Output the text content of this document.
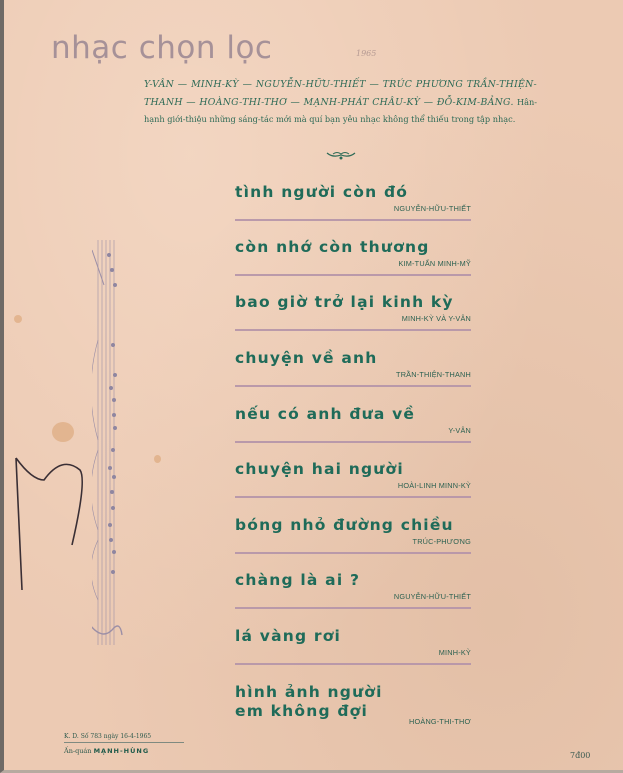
nhạc chọn lọc	1965
Y-VÂN — MINH-KỲ — NGUYỄN-HỮU-THIẾT — TRÚC PHƯƠNG TRẦN-THIỆN-THANH — HOÀNG-THI-THƠ — MẠNH-PHÁT CHÂU-KỲ — ĐỖ-KIM-BẢNG. Hân-hạnh giới-thiệu những sáng-tác mới mà quí bạn yêu nhạc không thể thiếu trong tập nhạc.
tình người còn đó
NGUYỄN-HỮU-THIẾT
còn nhớ còn thương
KIM-TUẤN MINH-MỸ
bao giờ trở lại kinh kỳ
MINH-KỲ VÀ Y-VÂN
chuyện về anh
TRẦN-THIỆN-THANH
nếu có anh đưa về
Y-VÂN
chuyện hai người
HOÀI-LINH MINN-KỲ
bóng nhỏ đường chiều
TRÚC-PHƯƠNG
chàng là ai ?
NGUYỄN-HỮU-THIẾT
lá vàng rơi
MINH-KỲ
hình ảnh người
em không đợi
HOÀNG-THI-THƠ
K. D. Số 783 ngày 16-4-1965
Ấn-quán MẠNH-HÙNG	7đ00
